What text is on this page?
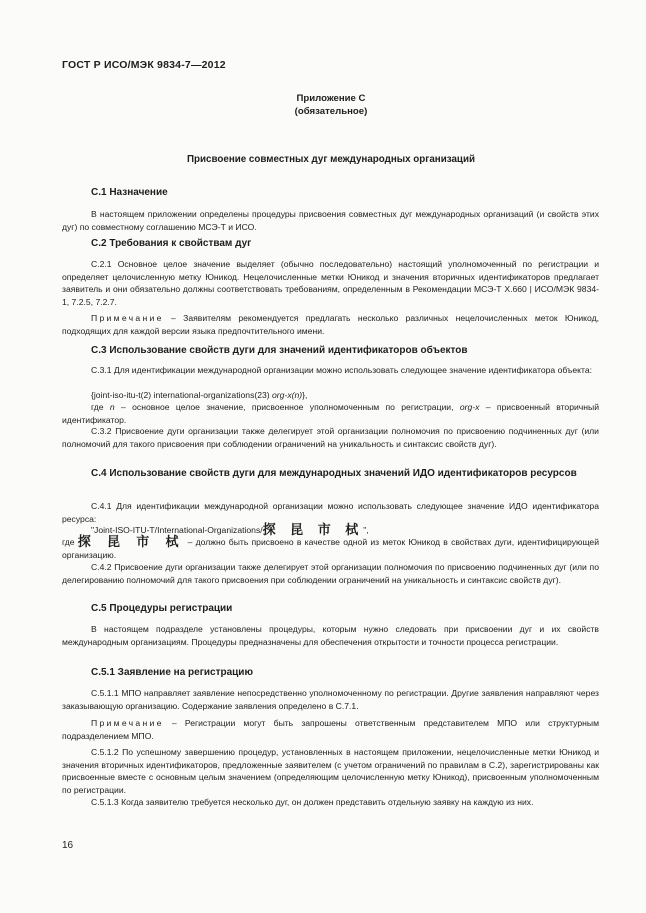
ГОСТ Р ИСО/МЭК 9834-7—2012
Приложение С
(обязательное)
Присвоение совместных дуг международных организаций
С.1 Назначение

В настоящем приложении определены процедуры присвоения совместных дуг международных организаций (и свойств этих дуг) по совместному соглашению МСЭ-Т и ИСО.

С.2 Требования к свойствам дуг

С.2.1 Основное целое значение выделяет (обычно последовательно) настоящий уполномоченный по регистрации и определяет целочисленную метку Юникод. Нецелочисленные метки Юникод и значения вторичных идентификаторов предлагает заявитель и они обязательно должны соответствовать требованиям, определенным в Рекомендации МСЭ-Т Х.660 | ИСО/МЭК 9834-1, 7.2.5, 7.2.7.

Примечание – Заявителям рекомендуется предлагать несколько различных нецелочисленных меток Юникод, подходящих для каждой версии языка предпочтительного имени.

С.3 Использование свойств дуги для значений идентификаторов объектов

С.3.1 Для идентификации международной организации можно использовать следующее значение идентификатора объекта:

{joint-iso-itu-t(2) international-organizations(23) org-x(n)},

где n – основное целое значение, присвоенное уполномоченным по регистрации, org-x – присвоенный вторичный идентификатор.

С.3.2 Присвоение дуги организации также делегирует этой организации полномочия по присвоению подчиненных дуг (или полномочий для такого присвоения при соблюдении ограничений на уникальность и синтаксис свойств дуг).

С.4 Использование свойств дуги для международных значений ИДО идентификаторов ресурсов

С.4.1 Для идентификации международной организации можно использовать следующее значение ИДО идентификатора ресурса:

"Joint-ISO-ITU-T/International-Organizations/探 昆 市 栻",

где 探 昆 市 栻 – должно быть присвоено в качестве одной из меток Юникод в свойствах дуги, идентифицирующей организацию.

С.4.2 Присвоение дуги организации также делегирует этой организации полномочия по присвоению подчиненных дуг (или по делегированию полномочий для такого присвоения при соблюдении ограничений на уникальность и синтаксис свойств дуг).

С.5 Процедуры регистрации

В настоящем подразделе установлены процедуры, которым нужно следовать при присвоении дуг и их свойств международным организациям. Процедуры предназначены для обеспечения открытости и точности процесса регистрации.

С.5.1 Заявление на регистрацию

С.5.1.1 МПО направляет заявление непосредственно уполномоченному по регистрации. Другие заявления направляют через заказывающую организацию. Содержание заявления определено в С.7.1.

Примечание – Регистрации могут быть запрошены ответственным представителем МПО или структурным подразделением МПО.

С.5.1.2 По успешному завершению процедур, установленных в настоящем приложении, нецелочисленные метки Юникод и значения вторичных идентификаторов, предложенные заявителем (с учетом ограничений по правилам в С.2), зарегистрированы как присвоенные вместе с основным целым значением (определяющим целочисленную метку Юникод), присвоенным уполномоченным по регистрации.

С.5.1.3 Когда заявителю требуется несколько дуг, он должен представить отдельную заявку на каждую из них.

16
